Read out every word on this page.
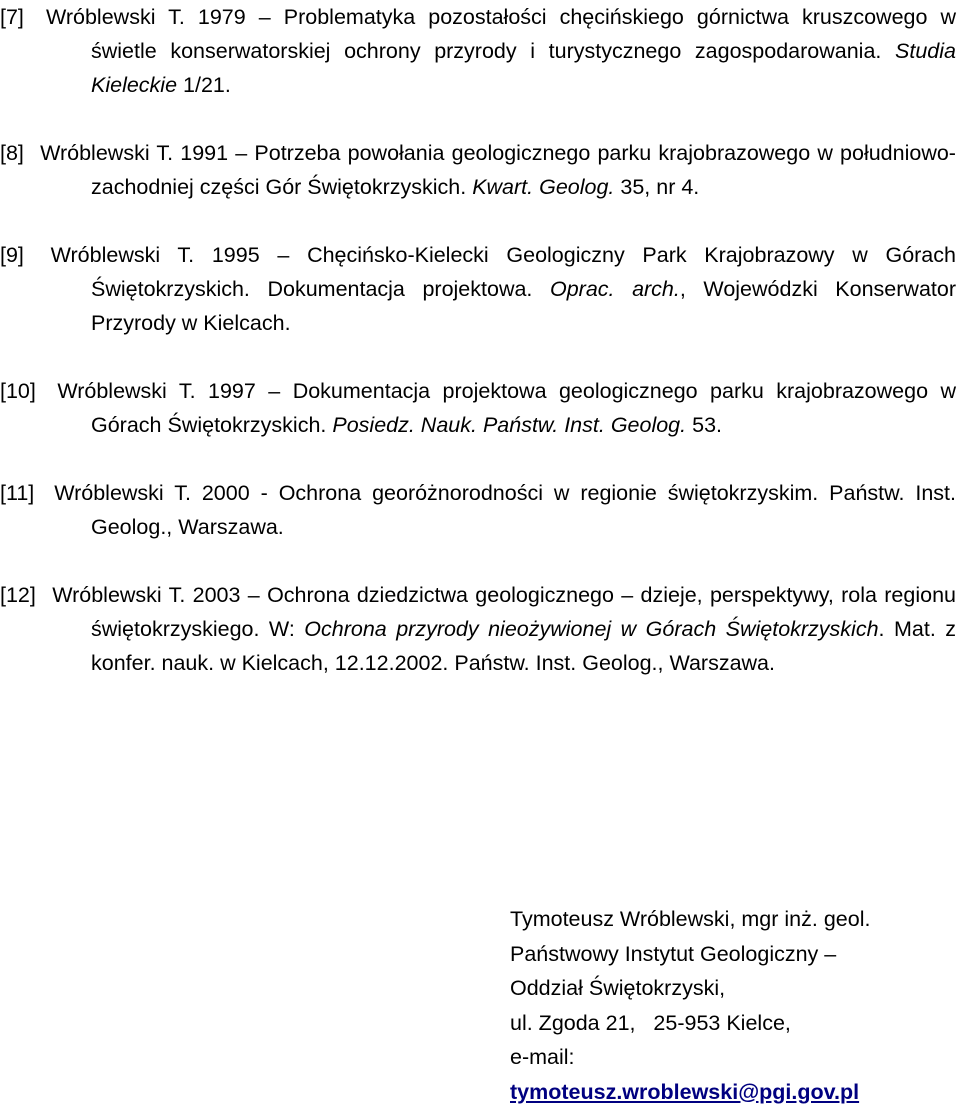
[7] Wróblewski T. 1979 – Problematyka pozostałości chęcińskiego górnictwa kruszcowego w świetle konserwatorskiej ochrony przyrody i turystycznego zagospodarowania. Studia Kieleckie 1/21.
[8] Wróblewski T. 1991 – Potrzeba powołania geologicznego parku krajobrazowego w południowo-zachodniej części Gór Świętokrzyskich. Kwart. Geolog. 35, nr 4.
[9] Wróblewski T. 1995 – Chęcińsko-Kielecki Geologiczny Park Krajobrazowy w Górach Świętokrzyskich. Dokumentacja projektowa. Oprac. arch., Wojewódzki Konserwator Przyrody w Kielcach.
[10] Wróblewski T. 1997 – Dokumentacja projektowa geologicznego parku krajobrazowego w Górach Świętokrzyskich. Posiedz. Nauk. Państw. Inst. Geolog. 53.
[11] Wróblewski T. 2000 - Ochrona georóżnorodności w regionie świętokrzyskim. Państw. Inst. Geolog., Warszawa.
[12] Wróblewski T. 2003 – Ochrona dziedzictwa geologicznego – dzieje, perspektywy, rola regionu świętokrzyskiego. W: Ochrona przyrody nieożywionej w Górach Świętokrzyskich. Mat. z konfer. nauk. w Kielcach, 12.12.2002. Państw. Inst. Geolog., Warszawa.
Tymoteusz Wróblewski, mgr inż. geol.
Państwowy Instytut Geologiczny –
Oddział Świętokrzyski,
ul. Zgoda 21,   25-953 Kielce,
e-mail:
tymoteusz.wroblewski@pgi.gov.pl
